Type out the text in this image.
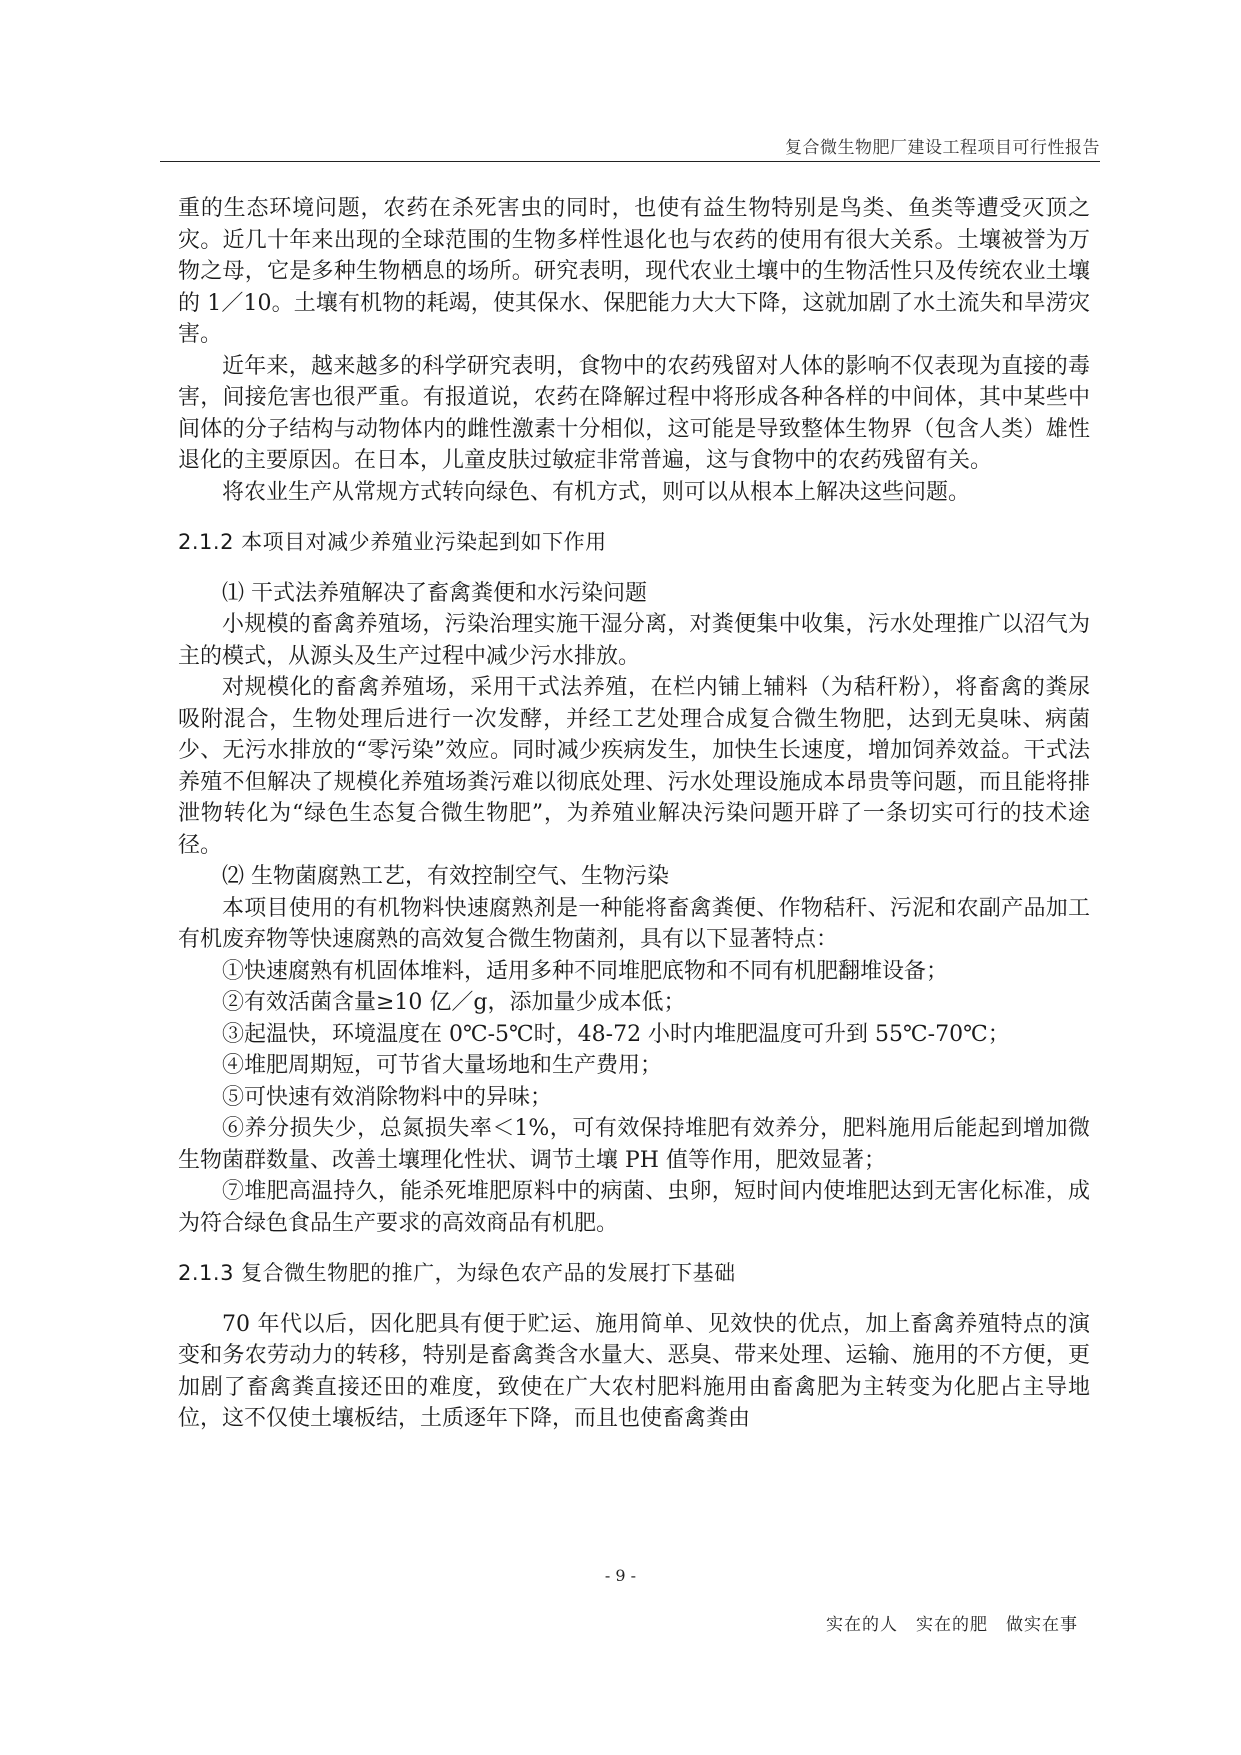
复合微生物肥厂建设工程项目可行性报告

重的生态环境问题，农药在杀死害虫的同时，也使有益生物特别是鸟类、鱼类等遭受灭顶之灾。近几十年来出现的全球范围的生物多样性退化也与农药的使用有很大关系。土壤被誉为万物之母，它是多种生物栖息的场所。研究表明，现代农业土壤中的生物活性只及传统农业土壤的 1／10。土壤有机物的耗竭，使其保水、保肥能力大大下降，这就加剧了水土流失和旱涝灾害。

近年来，越来越多的科学研究表明，食物中的农药残留对人体的影响不仅表现为直接的毒害，间接危害也很严重。有报道说，农药在降解过程中将形成各种各样的中间体，其中某些中间体的分子结构与动物体内的雌性激素十分相似，这可能是导致整体生物界（包含人类）雄性退化的主要原因。在日本，儿童皮肤过敏症非常普遍，这与食物中的农药残留有关。

将农业生产从常规方式转向绿色、有机方式，则可以从根本上解决这些问题。

2.1.2 本项目对减少养殖业污染起到如下作用

⑴ 干式法养殖解决了畜禽粪便和水污染问题

小规模的畜禽养殖场，污染治理实施干湿分离，对粪便集中收集，污水处理推广以沼气为主的模式，从源头及生产过程中减少污水排放。

对规模化的畜禽养殖场，采用干式法养殖，在栏内铺上辅料（为秸秆粉），将畜禽的粪尿吸附混合，生物处理后进行一次发酵，并经工艺处理合成复合微生物肥，达到无臭味、病菌少、无污水排放的“零污染”效应。同时减少疾病发生，加快生长速度，增加饲养效益。干式法养殖不但解决了规模化养殖场粪污难以彻底处理、污水处理设施成本昂贵等问题，而且能将排泄物转化为“绿色生态复合微生物肥”，为养殖业解决污染问题开辟了一条切实可行的技术途径。

⑵ 生物菌腐熟工艺，有效控制空气、生物污染

本项目使用的有机物料快速腐熟剂是一种能将畜禽粪便、作物秸秆、污泥和农副产品加工有机废弃物等快速腐熟的高效复合微生物菌剂，具有以下显著特点：

①快速腐熟有机固体堆料，适用多种不同堆肥底物和不同有机肥翻堆设备；

②有效活菌含量≥10 亿／g，添加量少成本低；

③起温快，环境温度在 0℃-5℃时，48-72 小时内堆肥温度可升到 55℃-70℃；

④堆肥周期短，可节省大量场地和生产费用；

⑤可快速有效消除物料中的异味；

⑥养分损失少，总氮损失率＜1%，可有效保持堆肥有效养分，肥料施用后能起到增加微生物菌群数量、改善土壤理化性状、调节土壤 PH 值等作用，肥效显著；

⑦堆肥高温持久，能杀死堆肥原料中的病菌、虫卵，短时间内使堆肥达到无害化标准，成为符合绿色食品生产要求的高效商品有机肥。

2.1.3 复合微生物肥的推广，为绿色农产品的发展打下基础

70 年代以后，因化肥具有便于贮运、施用简单、见效快的优点，加上畜禽养殖特点的演变和务农劳动力的转移，特别是畜禽粪含水量大、恶臭、带来处理、运输、施用的不方便，更加剧了畜禽粪直接还田的难度，致使在广大农村肥料施用由畜禽肥为主转变为化肥占主导地位，这不仅使土壤板结，土质逐年下降，而且也使畜禽粪由

- 9 -
实在的人　实在的肥　做实在事
